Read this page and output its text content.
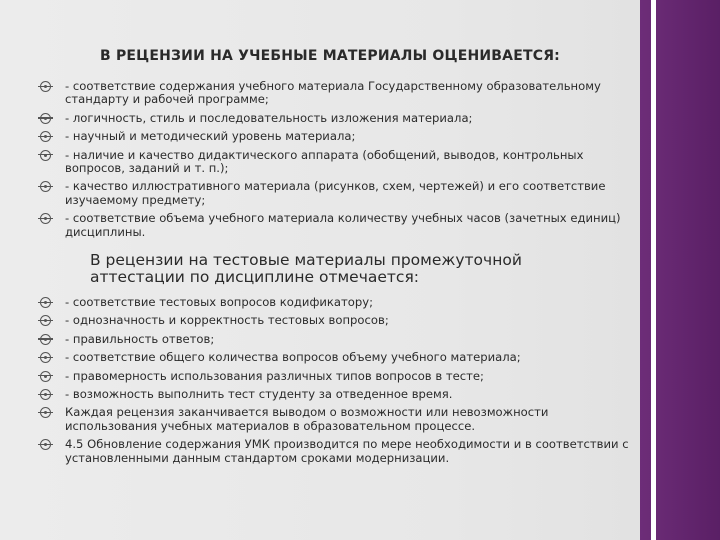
В РЕЦЕНЗИИ НА УЧЕБНЫЕ МАТЕРИАЛЫ ОЦЕНИВАЕТСЯ:
- соответствие содержания учебного материала Государственному образовательному стандарту и рабочей программе;
- логичность, стиль и последовательность изложения материала;
- научный и методический уровень материала;
- наличие и качество дидактического аппарата (обобщений, выводов, контрольных вопросов, заданий и т. п.);
- качество иллюстративного материала (рисунков, схем, чертежей) и его соответствие изучаемому предмету;
- соответствие объема учебного материала количеству учебных часов (зачетных единиц) дисциплины.
В рецензии на тестовые материалы промежуточной аттестации по дисциплине отмечается:
- соответствие тестовых вопросов кодификатору;
- однозначность и корректность тестовых вопросов;
- правильность ответов;
- соответствие общего количества вопросов объему учебного материала;
- правомерность использования различных типов вопросов в тесте;
- возможность выполнить тест студенту за отведенное время.
Каждая рецензия заканчивается выводом о возможности или невозможности использования учебных материалов в образовательном процессе.
4.5 Обновление содержания УМК производится по мере необходимости и в соответствии с установленными данным стандартом сроками модернизации.
